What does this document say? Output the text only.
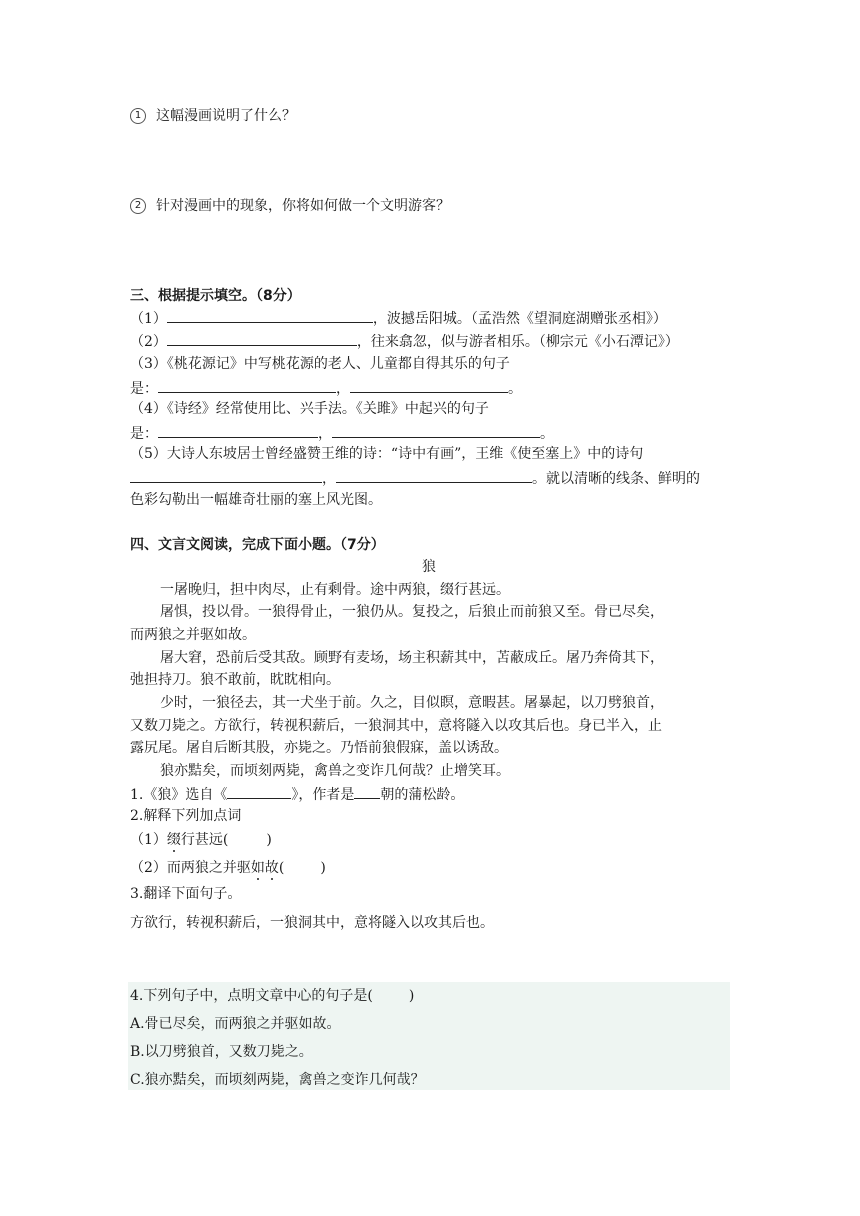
1 这幅漫画说明了什么？
2 针对漫画中的现象，你将如何做一个文明游客？
三、根据提示填空。（8分）
（1）	，波撼岳阳城。（孟浩然《望洞庭湖赠张丞相》）
（2）	，往来翕忽，似与游者相乐。（柳宗元《小石潭记》）
（3）《桃花源记》中写桃花源的老人、儿童都自得其乐的句子
是：	，	。
（4）《诗经》经常使用比、兴手法。《关雎》中起兴的句子
是：	，	。
（5）大诗人东坡居士曾经盛赞王维的诗：“诗中有画”，王维《使至塞上》中的诗句
，	。就以清晰的线条、鲜明的
色彩勾勒出一幅雄奇壮丽的塞上风光图。
四、文言文阅读，完成下面小题。（7分）
狼
一屠晚归，担中肉尽，止有剩骨。途中两狼，缀行甚远。
屠惧，投以骨。一狼得骨止，一狼仍从。复投之，后狼止而前狼又至。骨已尽矣，
而两狼之并驱如故。
屠大窘，恐前后受其敌。顾野有麦场，场主积薪其中，苫蔽成丘。屠乃奔倚其下，
弛担持刀。狼不敢前，眈眈相向。
少时，一狼径去，其一犬坐于前。久之，目似瞑，意暇甚。屠暴起，以刀劈狼首，
又数刀毙之。方欲行，转视积薪后，一狼洞其中，意将隧入以攻其后也。身已半入，止
露尻尾。屠自后断其股，亦毙之。乃悟前狼假寐，盖以诱敌。
狼亦黠矣，而顷刻两毙，禽兽之变诈几何哉？止增笑耳。
1.《狼》选自《	》，作者是 朝的蒲松龄。
2.解释下列加点词
（1）缀行甚远(	)
（2）而两狼之并驱如故(	)
3.翻译下面句子。
方欲行，转视积薪后，一狼洞其中，意将隧入以攻其后也。
4.下列句子中，点明文章中心的句子是(	)
A.骨已尽矣，而两狼之并驱如故。
B.以刀劈狼首，又数刀毙之。
C.狼亦黠矣，而顷刻两毙，禽兽之变诈几何哉？
